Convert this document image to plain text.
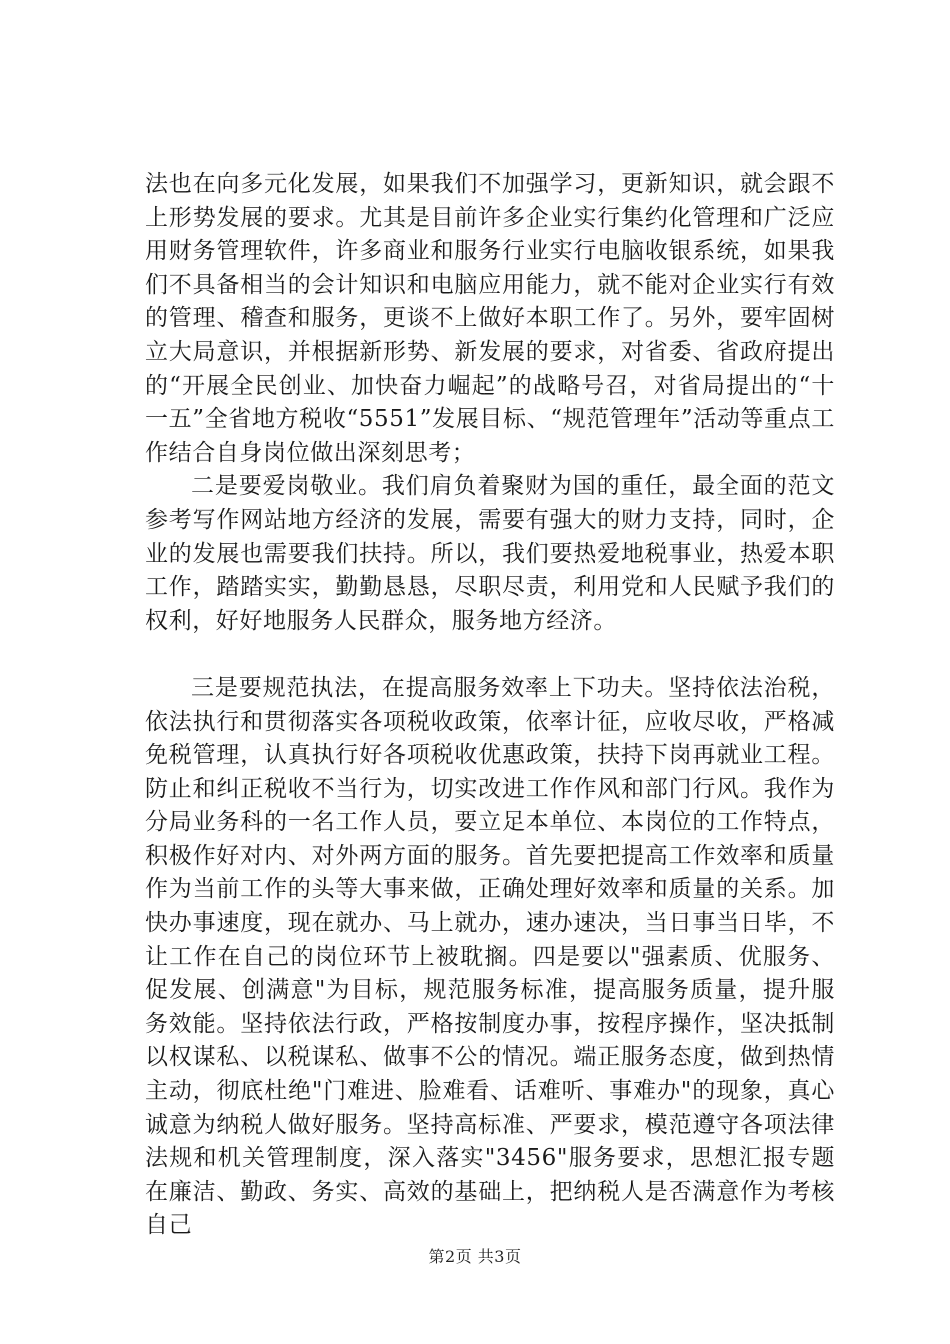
法也在向多元化发展，如果我们不加强学习，更新知识，就会跟不上形势发展的要求。尤其是目前许多企业实行集约化管理和广泛应用财务管理软件，许多商业和服务行业实行电脑收银系统，如果我们不具备相当的会计知识和电脑应用能力，就不能对企业实行有效的管理、稽查和服务，更谈不上做好本职工作了。另外，要牢固树立大局意识，并根据新形势、新发展的要求，对省委、省政府提出的“开展全民创业、加快奋力崛起”的战略号召，对省局提出的“十一五”全省地方税收“5551”发展目标、“规范管理年”活动等重点工作结合自身岗位做出深刻思考；

二是要爱岗敬业。我们肩负着聚财为国的重任，最全面的范文参考写作网站地方经济的发展，需要有强大的财力支持，同时，企业的发展也需要我们扶持。所以，我们要热爱地税事业，热爱本职工作，踏踏实实，勤勤恳恳，尽职尽责，利用党和人民赋予我们的权利，好好地服务人民群众，服务地方经济。

三是要规范执法，在提高服务效率上下功夫。坚持依法治税，依法执行和贯彻落实各项税收政策，依率计征，应收尽收，严格减免税管理，认真执行好各项税收优惠政策，扶持下岗再就业工程。防止和纠正税收不当行为，切实改进工作作风和部门行风。我作为分局业务科的一名工作人员，要立足本单位、本岗位的工作特点，积极作好对内、对外两方面的服务。首先要把提高工作效率和质量作为当前工作的头等大事来做，正确处理好效率和质量的关系。加快办事速度，现在就办、马上就办，速办速决，当日事当日毕，不让工作在自己的岗位环节上被耽搁。四是要以"强素质、优服务、促发展、创满意"为目标，规范服务标准，提高服务质量，提升服务效能。坚持依法行政，严格按制度办事，按程序操作，坚决抵制以权谋私、以税谋私、做事不公的情况。端正服务态度，做到热情主动，彻底杜绝"门难进、脸难看、话难听、事难办"的现象，真心诚意为纳税人做好服务。坚持高标准、严要求，模范遵守各项法律法规和机关管理制度，深入落实"3456"服务要求，思想汇报专题在廉洁、勤政、务实、高效的基础上，把纳税人是否满意作为考核自己

第2页 共3页
